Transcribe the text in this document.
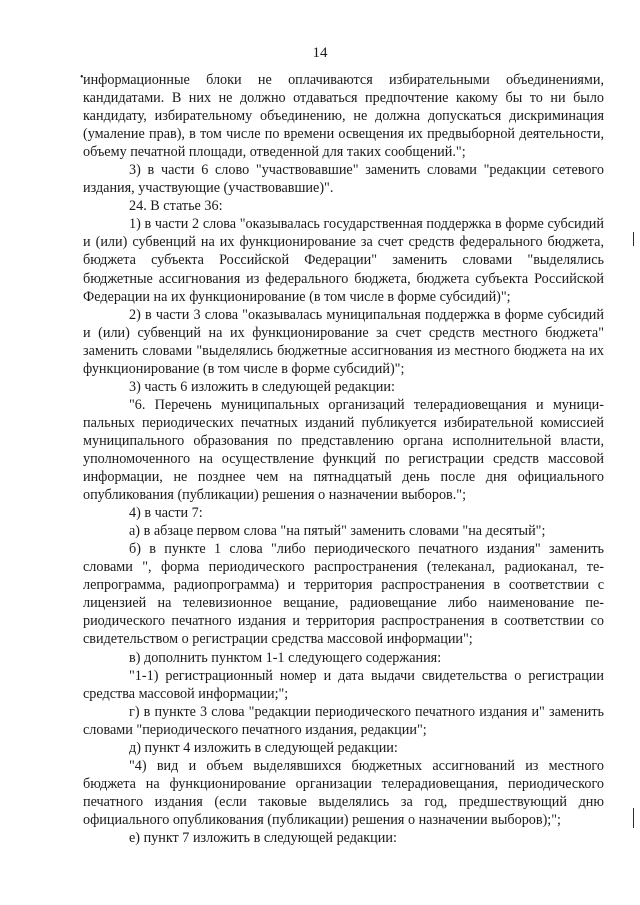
14
• информационные блоки не оплачиваются избирательными объединениями, кандидатами. В них не должно отдаваться предпочтение какому бы то ни было кандидату, избирательному объединению, не должна допускаться дискриминация (умаление прав), в том числе по времени освещения их предвыборной деятельности, объему печатной площади, отведенной для таких сообщений.";

3) в части 6 слово "участвовавшие" заменить словами "редакции сетевого издания, участвующие (участвовавшие)".

24. В статье 36:

1) в части 2 слова "оказывалась государственная поддержка в форме субсидий и (или) субвенций на их функционирование за счет средств федерального бюджета, бюджета субъекта Российской Федерации" заменить словами "выделялись бюджетные ассигнования из федерального бюджета, бюджета субъекта Российской Федерации на их функционирование (в том числе в форме субсидий)";

2) в части 3 слова "оказывалась муниципальная поддержка в форме субсидий и (или) субвенций на их функционирование за счет средств местного бюджета" заменить словами "выделялись бюджетные ассигнования из местного бюджета на их функционирование (в том числе в форме субсидий)";

3) часть 6 изложить в следующей редакции:

"6. Перечень муниципальных организаций телерадиовещания и муниципальных периодических печатных изданий публикуется избирательной комиссией муниципального образования по представлению органа исполнительной власти, уполномоченного на осуществление функций по регистрации средств массовой информации, не позднее чем на пятнадцатый день после дня официального опубликования (публикации) решения о назначении выборов.";

4) в части 7:

а) в абзаце первом слова "на пятый" заменить словами "на десятый";

б) в пункте 1 слова "либо периодического печатного издания" заменить словами ", форма периодического распространения (телеканал, радиоканал, телепрограмма, радиопрограмма) и территория распространения в соответствии с лицензией на телевизионное вещание, радиовещание либо наименование периодического печатного издания и территория распространения в соответствии со свидетельством о регистрации средства массовой информации";

в) дополнить пунктом 1-1 следующего содержания:

"1-1) регистрационный номер и дата выдачи свидетельства о регистрации средства массовой информации;";

г) в пункте 3 слова "редакции периодического печатного издания и" заменить словами "периодического печатного издания, редакции";

д) пункт 4 изложить в следующей редакции:

"4) вид и объем выделявшихся бюджетных ассигнований из местного бюджета на функционирование организации телерадиовещания, периодического печатного издания (если таковые выделялись за год, предшествующий дню официального опубликования (публикации) решения о назначении выборов);";

е) пункт 7 изложить в следующей редакции:
